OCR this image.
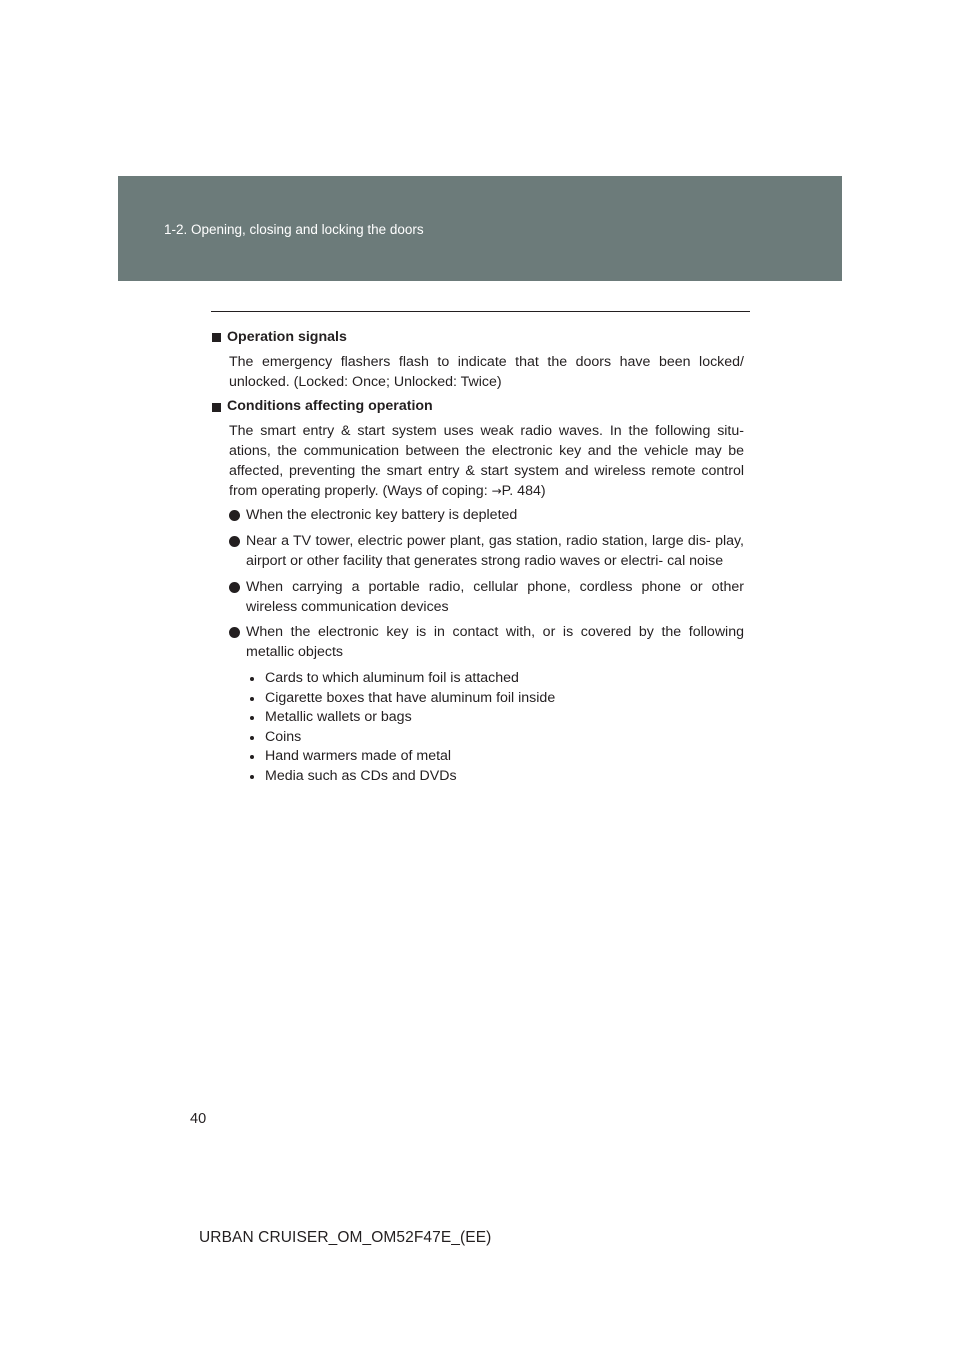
1-2. Opening, closing and locking the doors
Operation signals

The emergency flashers flash to indicate that the doors have been locked/ unlocked. (Locked: Once; Unlocked: Twice)

Conditions affecting operation

The smart entry & start system uses weak radio waves. In the following situ- ations, the communication between the electronic key and the vehicle may be affected, preventing the smart entry & start system and wireless remote control from operating properly. (Ways of coping: →P. 484)

When the electronic key battery is depleted
Near a TV tower, electric power plant, gas station, radio station, large dis- play, airport or other facility that generates strong radio waves or electri- cal noise
When carrying a portable radio, cellular phone, cordless phone or other wireless communication devices
When the electronic key is in contact with, or is covered by the following metallic objects
Cards to which aluminum foil is attached
Cigarette boxes that have aluminum foil inside
Metallic wallets or bags
Coins
Hand warmers made of metal
Media such as CDs and DVDs
40
URBAN CRUISER_OM_OM52F47E_(EE)
